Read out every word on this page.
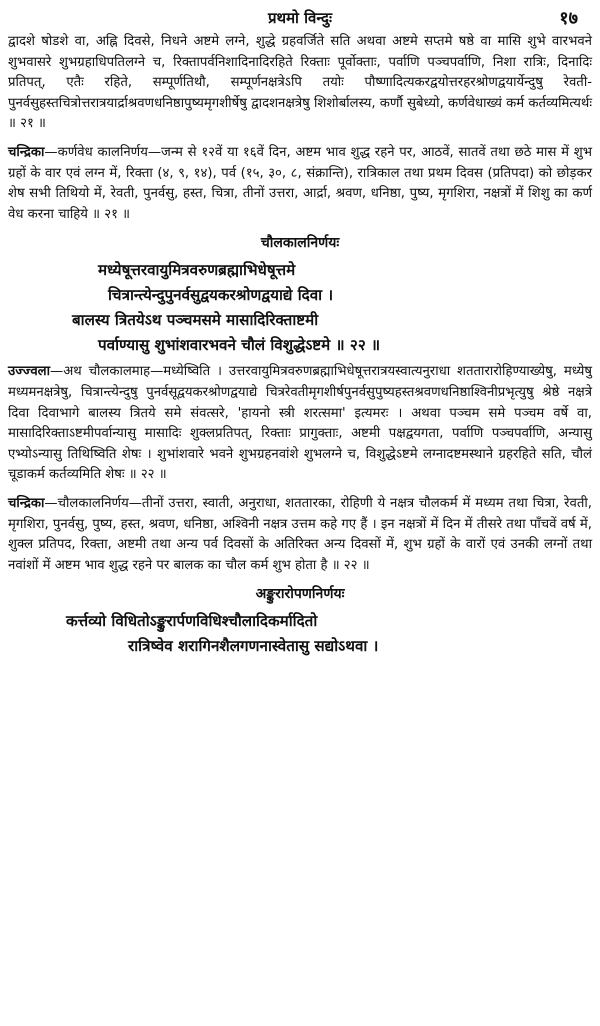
प्रथमो विन्दुः	१७

द्वादशे षोडशे वा, अह्नि दिवसे, निधने अष्टमे लग्ने, शुद्धे ग्रहवर्जिते सति अथवा अष्टमे सप्तमे षष्ठे वा मासि शुभे वारभवने शुभवासरे शुभग्रहाधिपतिलग्ने च, रिक्तापर्वनिशादिनादिरहिते रिक्ताः पूर्वोक्ताः, पर्वाणि पञ्चपर्वाणि, निशा रात्रिः, दिनादिः प्रतिपत्, एतैः रहिते, सम्पूर्णतिथौ, सम्पूर्णनक्षत्रेऽपि तयोः पौष्णादित्यकरद्वयोत्तरहरश्रोणद्वयार्येन्दुषु रेवती-पुनर्वसुहस्तचित्रोत्तरात्रयार्द्राश्रवणधनिष्ठापुष्यमृगशीर्षेषु द्वादशनक्षत्रेषु शिशोर्बालस्य, कर्णौ सुबेध्यो, कर्णवेधाख्यं कर्म कर्तव्यमित्यर्थः ॥ २१ ॥

चन्द्रिका—कर्णवेध कालनिर्णय—जन्म से १२वें या १६वें दिन, अष्टम भाव शुद्ध रहने पर, आठवें, सातवें तथा छठे मास में शुभ ग्रहों के वार एवं लग्न में, रिक्ता (४, ९, १४), पर्व (१५, ३०, ८, संक्रान्ति), रात्रिकाल तथा प्रथम दिवस (प्रतिपदा) को छोड़कर शेष सभी तिथियो में, रेवती, पुनर्वसु, हस्त, चित्रा, तीनों उत्तरा, आर्द्रा, श्रवण, धनिष्ठा, पुष्य, मृगशिरा, नक्षत्रों में शिशु का कर्ण वेध करना चाहिये ॥ २१ ॥

चौलकालनिर्णयः
मध्येषूत्तरवायुमित्रवरुणब्रह्माभिधेषूत्तमे
चित्रान्त्येन्दुपुनर्वसुद्वयकरश्रोणद्वयाद्ये दिवा ।
बालस्य त्रितयेऽथ पञ्चमसमे मासादिरिक्ताष्टमी
पर्वाण्यासु शुभांशवारभवने चौलं विशुद्धेऽष्टमे ॥ २२ ॥

उज्ज्वला—अथ चौलकालमाह—मध्येष्विति । उत्तरवायुमित्रवरुणब्रह्माभिधेषूत्तरात्रयस्वात्यनुराधा शततारारोहिण्याख्येषु, मध्येषु मध्यमनक्षत्रेषु, चित्रान्त्येन्दुषु पुनर्वसूद्वयकरश्रोणद्वयाद्ये चित्ररेवतीमृगशीर्षपुनर्वसुपुष्यहस्तश्रवणधनिष्ठाश्विनीप्रभृत्युषु श्रेष्ठे नक्षत्रे दिवा दिवाभागे बालस्य त्रितये समे संवत्सरे, 'हायनो स्त्री शरत्समा' इत्यमरः । अथवा पञ्चम समे पञ्चम वर्षे वा, मासादिरिक्ताऽष्टमीपर्वान्यासु मासादिः शुक्लप्रतिपत्, रिक्ताः प्रागुक्ताः, अष्टमी पक्षद्वयगता, पर्वाणि पञ्चपर्वाणि, अन्यासु एभ्योऽन्यासु तिथिष्विति शेषः । शुभांशवारे भवने शुभग्रहनवांशे शुभलग्ने च, विशुद्धेऽष्टमे लग्नादष्टमस्थाने ग्रहरहिते सति, चौलं चूडाकर्म कर्तव्यमिति शेषः ॥ २२ ॥

चन्द्रिका—चौलकालनिर्णय—तीनों उत्तरा, स्वाती, अनुराधा, शततारका, रोहिणी ये नक्षत्र चौलकर्म में मध्यम तथा चित्रा, रेवती, मृगशिरा, पुनर्वसु, पुष्य, हस्त, श्रवण, धनिष्ठा, अश्विनी नक्षत्र उत्तम कहे गए हैं । इन नक्षत्रों में दिन में तीसरे तथा पाँचवें वर्ष में, शुक्ल प्रतिपद, रिक्ता, अष्टमी तथा अन्य पर्व दिवसों के अतिरिक्त अन्य दिवसों में, शुभ ग्रहों के वारों एवं उनकी लग्नों तथा नवांशों में अष्टम भाव शुद्ध रहने पर बालक का चौल कर्म शुभ होता है ॥ २२ ॥

अङ्कुरारोपणनिर्णयः
कर्त्तव्यो विधितोऽङ्कुरार्पणविधिश्चौलादिकर्मादितो
रात्रिष्वेव शरागिनशैलगणनास्वेतासु सद्योऽथवा ।
